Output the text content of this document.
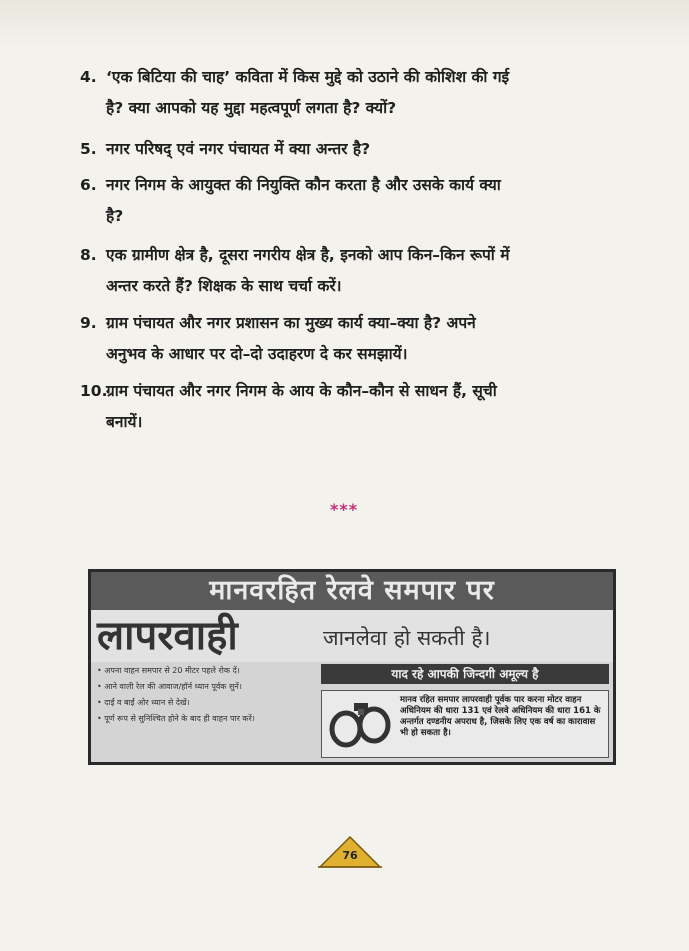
4. ‘एक बिटिया की चाह’ कविता में किस मुद्दे को उठाने की कोशिश की गई
है? क्या आपको यह मुद्दा महत्वपूर्ण लगता है? क्यों?
5. नगर परिषद् एवं नगर पंचायत में क्या अन्तर है?
6. नगर निगम के आयुक्त की नियुक्ति कौन करता है और उसके कार्य क्या
है?
8. एक ग्रामीण क्षेत्र है, दूसरा नगरीय क्षेत्र है, इनको आप किन–किन रूपों में
अन्तर करते हैं? शिक्षक के साथ चर्चा करें।
9. ग्राम पंचायत और नगर प्रशासन का मुख्य कार्य क्या–क्या है? अपने
अनुभव के आधार पर दो–दो उदाहरण दे कर समझायें।
10.ग्राम पंचायत और नगर निगम के आय के कौन–कौन से साधन हैं, सूची
बनायें।
***
मानवरहित रेलवे समपार पर
लापरवाही	जानलेवा हो सकती है।
• अपना वाहन समपार से 20 मीटर पहले रोक दें।
• आने वाली रेल की आवाज/हॉर्न ध्यान पूर्वक सुनें।
• दाईं व बाईं ओर ध्यान से देखें।
• पूर्ण रूप से सुनिश्चित होने के बाद ही वाहन पार करें।
याद रहे आपकी जिन्दगी अमूल्य है
मानव रहित समपार लापरवाही पूर्वक पार करना मोटर वाहन अधिनियम की धारा 131 एवं रेलवे अधिनियम की धारा 161 के अन्तर्गत दण्डनीय अपराध है, जिसके लिए एक वर्ष का कारावास भी हो सकता है।
76
